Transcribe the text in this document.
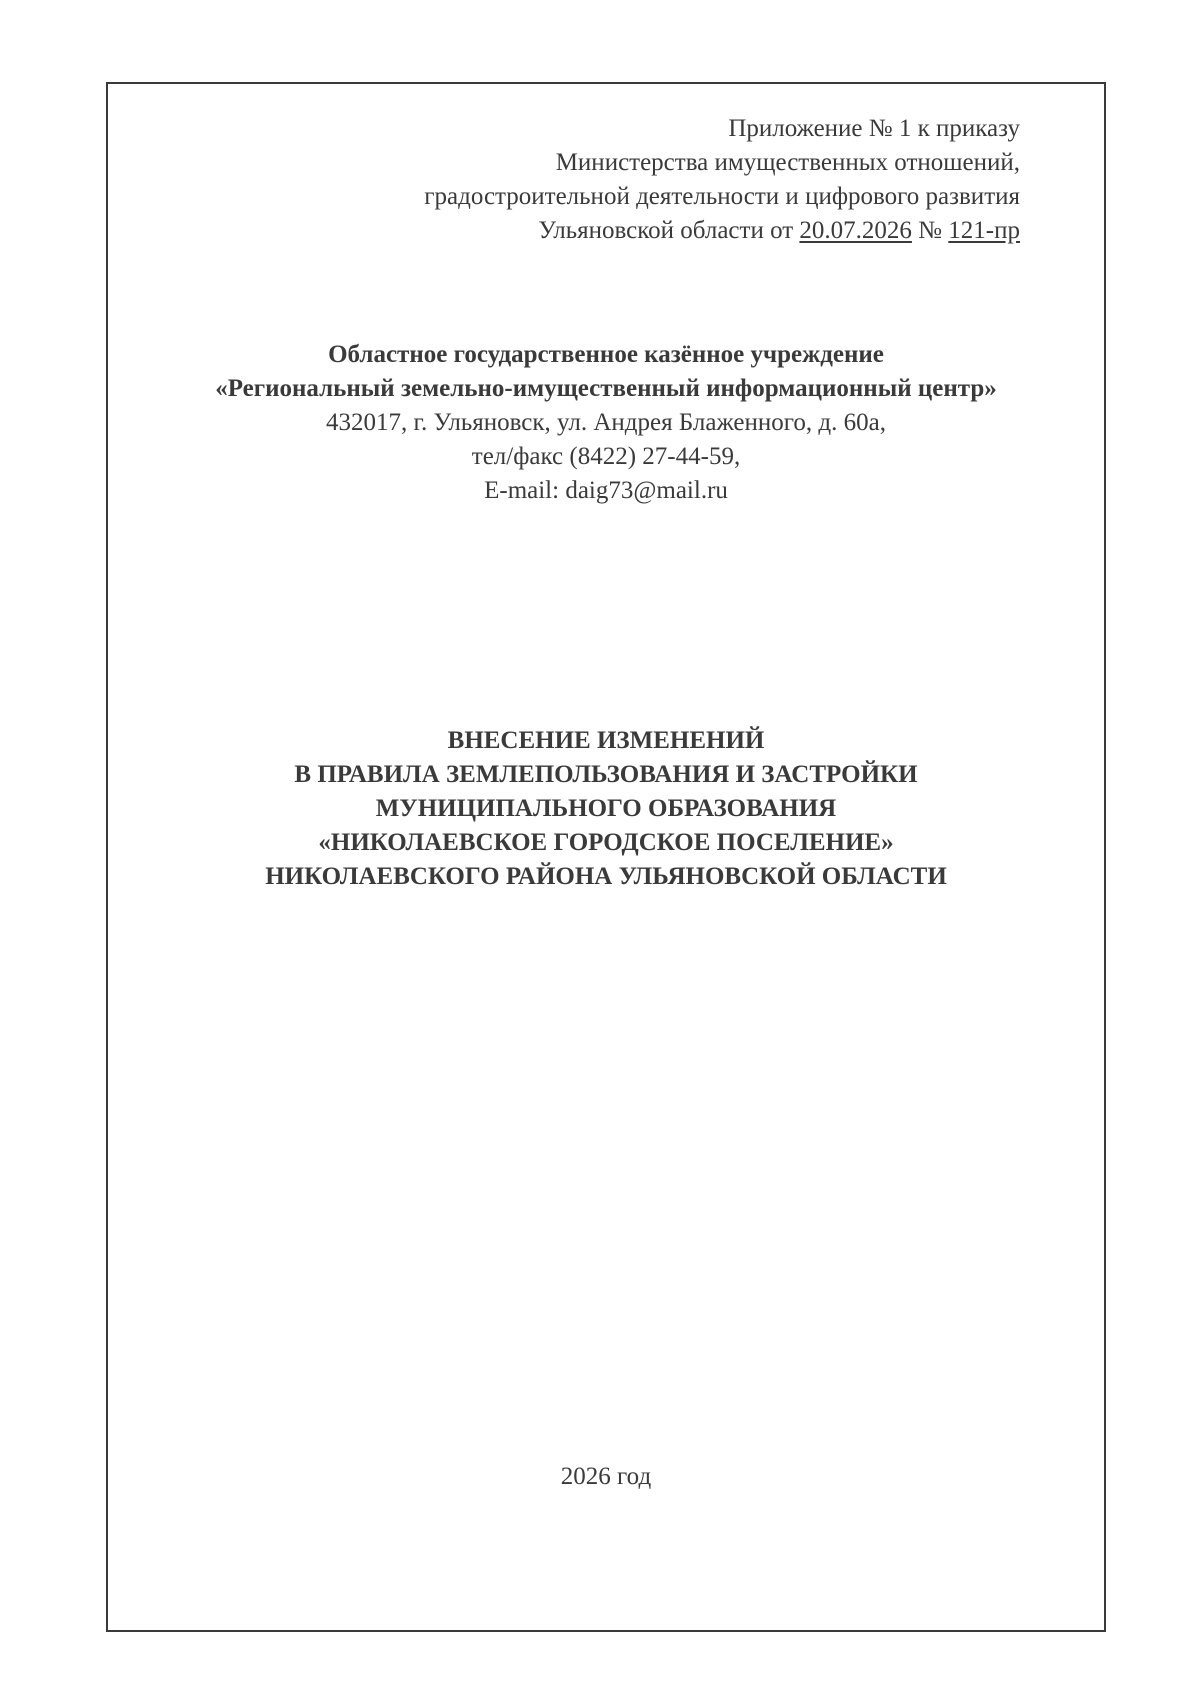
Приложение № 1 к приказу
Министерства имущественных отношений,
градостроительной деятельности и цифрового развития
Ульяновской области от 20.07.2026 № 121-пр
Областное государственное казённое учреждение
«Региональный земельно-имущественный информационный центр»
432017, г. Ульяновск, ул. Андрея Блаженного, д. 60а,
тел/факс (8422) 27-44-59,
E-mail: daig73@mail.ru
ВНЕСЕНИЕ ИЗМЕНЕНИЙ
В ПРАВИЛА ЗЕМЛЕПОЛЬЗОВАНИЯ И ЗАСТРОЙКИ
МУНИЦИПАЛЬНОГО ОБРАЗОВАНИЯ
«НИКОЛАЕВСКОЕ ГОРОДСКОЕ ПОСЕЛЕНИЕ»
НИКОЛАЕВСКОГО РАЙОНА УЛЬЯНОВСКОЙ ОБЛАСТИ
2026 год
